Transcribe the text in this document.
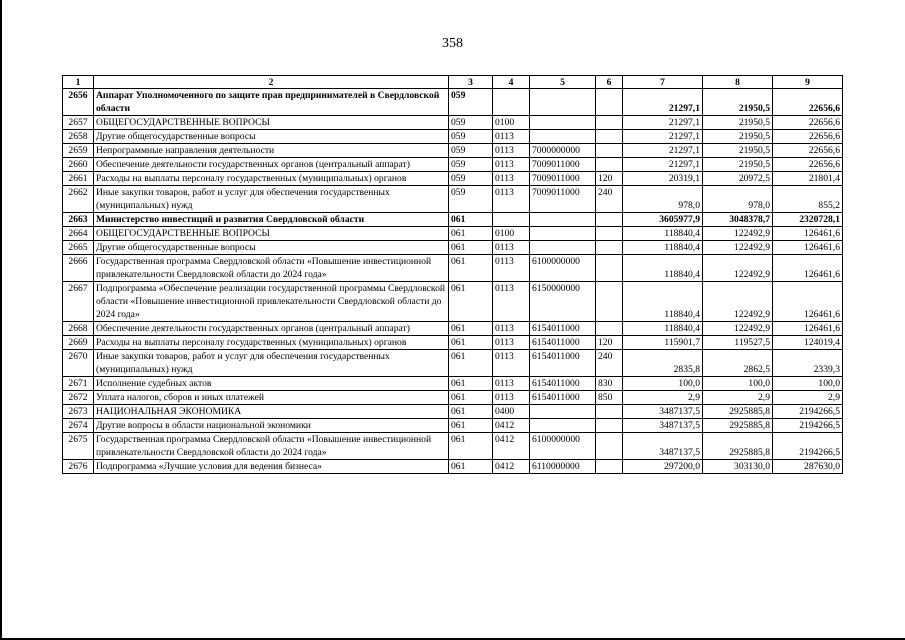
358
1	2	3	4	5	6	7	8	9
2656	Аппарат Уполномоченного по защите прав предпринимателей в Свердловской области	059				21297,1	21950,5	22656,6
2657	ОБЩЕГОСУДАРСТВЕННЫЕ ВОПРОСЫ	059	0100			21297,1	21950,5	22656,6
2658	Другие общегосударственные вопросы	059	0113			21297,1	21950,5	22656,6
2659	Непрограммные направления деятельности	059	0113	7000000000		21297,1	21950,5	22656,6
2660	Обеспечение деятельности государственных органов (центральный аппарат)	059	0113	7009011000		21297,1	21950,5	22656,6
2661	Расходы на выплаты персоналу государственных (муниципальных) органов	059	0113	7009011000	120	20319,1	20972,5	21801,4
2662	Иные закупки товаров, работ и услуг для обеспечения государственных (муниципальных) нужд	059	0113	7009011000	240	978,0	978,0	855,2
2663	Министерство инвестиций и развития Свердловской области	061				3605977,9	3048378,7	2320728,1
2664	ОБЩЕГОСУДАРСТВЕННЫЕ ВОПРОСЫ	061	0100			118840,4	122492,9	126461,6
2665	Другие общегосударственные вопросы	061	0113			118840,4	122492,9	126461,6
2666	Государственная программа Свердловской области «Повышение инвестиционной привлекательности Свердловской области до 2024 года»	061	0113	6100000000		118840,4	122492,9	126461,6
2667	Подпрограмма «Обеспечение реализации государственной программы Свердловской области «Повышение инвестиционной привлекательности Свердловской области до 2024 года»	061	0113	6150000000		118840,4	122492,9	126461,6
2668	Обеспечение деятельности государственных органов (центральный аппарат)	061	0113	6154011000		118840,4	122492,9	126461,6
2669	Расходы на выплаты персоналу государственных (муниципальных) органов	061	0113	6154011000	120	115901,7	119527,5	124019,4
2670	Иные закупки товаров, работ и услуг для обеспечения государственных (муниципальных) нужд	061	0113	6154011000	240	2835,8	2862,5	2339,3
2671	Исполнение судебных актов	061	0113	6154011000	830	100,0	100,0	100,0
2672	Уплата налогов, сборов и иных платежей	061	0113	6154011000	850	2,9	2,9	2,9
2673	НАЦИОНАЛЬНАЯ ЭКОНОМИКА	061	0400			3487137,5	2925885,8	2194266,5
2674	Другие вопросы в области национальной экономики	061	0412			3487137,5	2925885,8	2194266,5
2675	Государственная программа Свердловской области «Повышение инвестиционной привлекательности Свердловской области до 2024 года»	061	0412	6100000000		3487137,5	2925885,8	2194266,5
2676	Подпрограмма «Лучшие условия для ведения бизнеса»	061	0412	6110000000		297200,0	303130,0	287630,0
